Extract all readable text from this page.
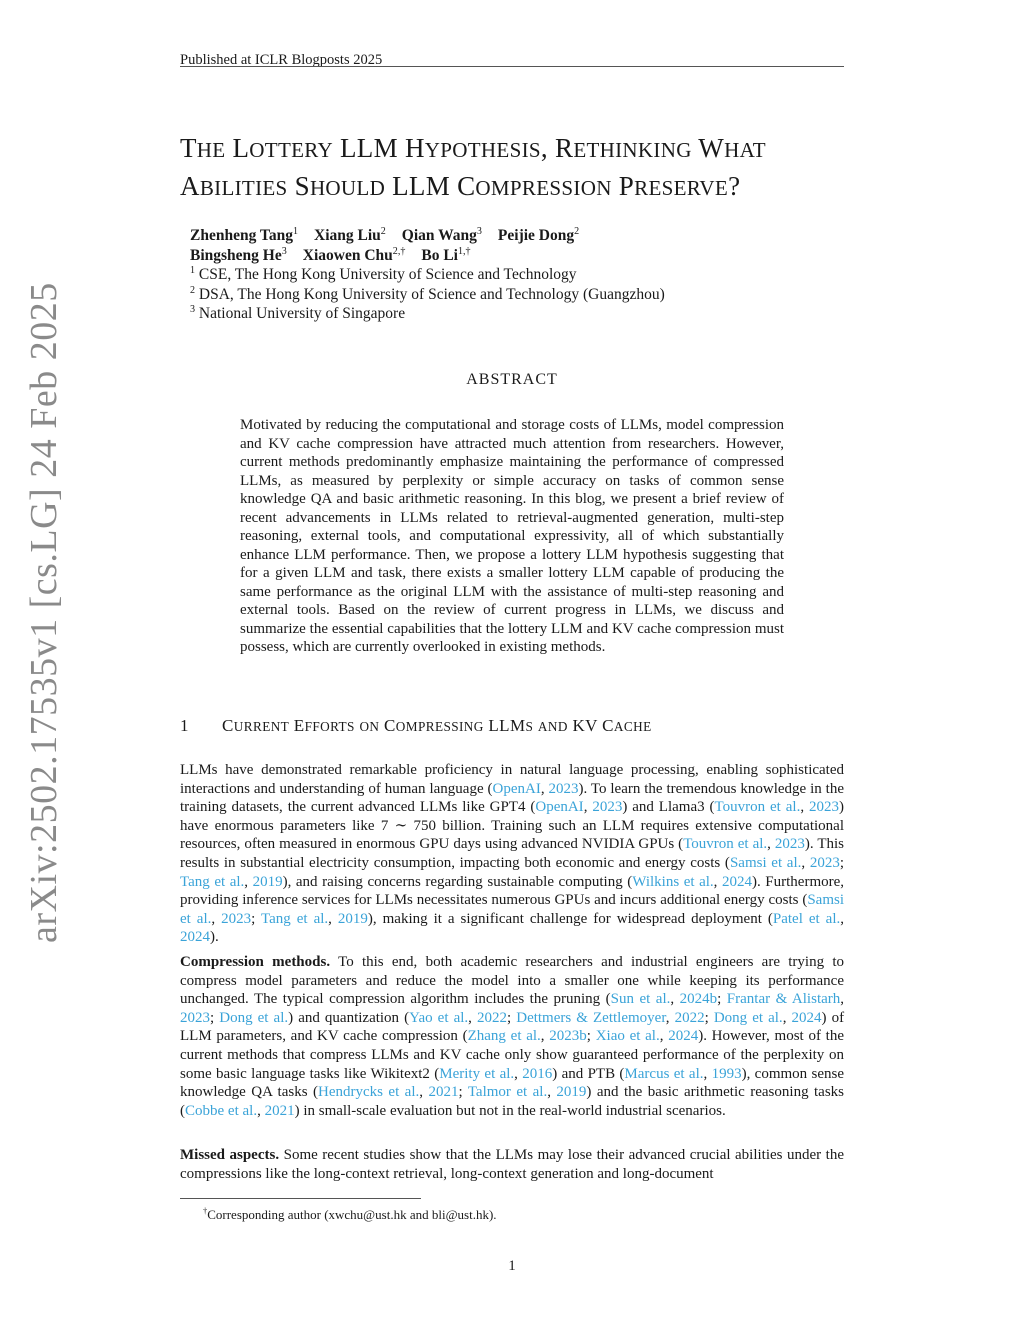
Published at ICLR Blogposts 2025
THE LOTTERY LLM HYPOTHESIS, RETHINKING WHAT
ABILITIES SHOULD LLM COMPRESSION PRESERVE?
Zhenheng Tang$^1$ Xiang Liu$^2$ Qian Wang$^3$ Peijie Dong$^2$
Bingsheng He$^3$ Xiaowen Chu$^{2,\dagger}$ Bo $Li^{1,\dagger}$
$^1$ CSE, The Hong Kong University of Science and Technology
$^2$ DSA, The Hong Kong University of Science and Technology (Guangzhou)
$^3$ National University of Singapore
ABSTRACT
Motivated by reducing the computational and storage costs of LLMs, model compression and KV cache compression have attracted much attention from researchers. However, current methods predominantly emphasize maintaining the performance of compressed LLMs, as measured by perplexity or simple accuracy on tasks of common sense knowledge QA and basic arithmetic reasoning. In this blog, we present a brief review of recent advancements in LLMs related to retrieval-augmented generation, multi-step reasoning, external tools, and computational expressivity, all of which substantially enhance LLM performance. Then, we propose a lottery LLM hypothesis suggesting that for a given LLM and task, there exists a smaller lottery LLM capable of producing the same performance as the original LLM with the assistance of multi-step reasoning and external tools. Based on the review of current progress in LLMs, we discuss and summarize the essential capabilities that the lottery LLM and KV cache compression must possess, which are currently overlooked in existing methods.
1 CURRENT EFFORTS ON COMPRESSING LLMS AND KV CACHE
LLMs have demonstrated remarkable proficiency in natural language processing, enabling sophisticated interactions and understanding of human language (OpenAI, 2023). To learn the tremendous knowledge in the training datasets, the current advanced LLMs like GPT4 (OpenAI, 2023) and Llama3 (Touvron et al., 2023) have enormous parameters like 7 ∼ 750 billion. Training such an LLM requires extensive computational resources, often measured in enormous GPU days using advanced NVIDIA GPUs (Touvron et al., 2023). This results in substantial electricity consumption, impacting both economic and energy costs (Samsi et al., 2023; Tang et al., 2019), and raising concerns regarding sustainable computing (Wilkins et al., 2024). Furthermore, providing inference services for LLMs necessitates numerous GPUs and incurs additional energy costs (Samsi et al., 2023; Tang et al., 2019), making it a significant challenge for widespread deployment (Patel et al., 2024).
Compression methods. To this end, both academic researchers and industrial engineers are trying to compress model parameters and reduce the model into a smaller one while keeping its performance unchanged. The typical compression algorithm includes the pruning (Sun et al., 2024b; Frantar & Alistarh, 2023; Dong et al.) and quantization (Yao et al., 2022; Dettmers & Zettlemoyer, 2022; Dong et al., 2024) of LLM parameters, and KV cache compression (Zhang et al., 2023b; Xiao et al., 2024). However, most of the current methods that compress LLMs and KV cache only show guaranteed performance of the perplexity on some basic language tasks like Wikitext2 (Merity et al., 2016) and PTB (Marcus et al., 1993), common sense knowledge QA tasks (Hendrycks et al., 2021; Talmor et al., 2019) and the basic arithmetic reasoning tasks (Cobbe et al., 2021) in small-scale evaluation but not in the real-world industrial scenarios.
Missed aspects. Some recent studies show that the LLMs may lose their advanced crucial abilities under the compressions like the long-context retrieval, long-context generation and long-document
†Corresponding author (xwchu@ust.hk and bli@ust.hk).
1
arXiv:2502.17535v1 [cs.LG] 24 Feb 2025
